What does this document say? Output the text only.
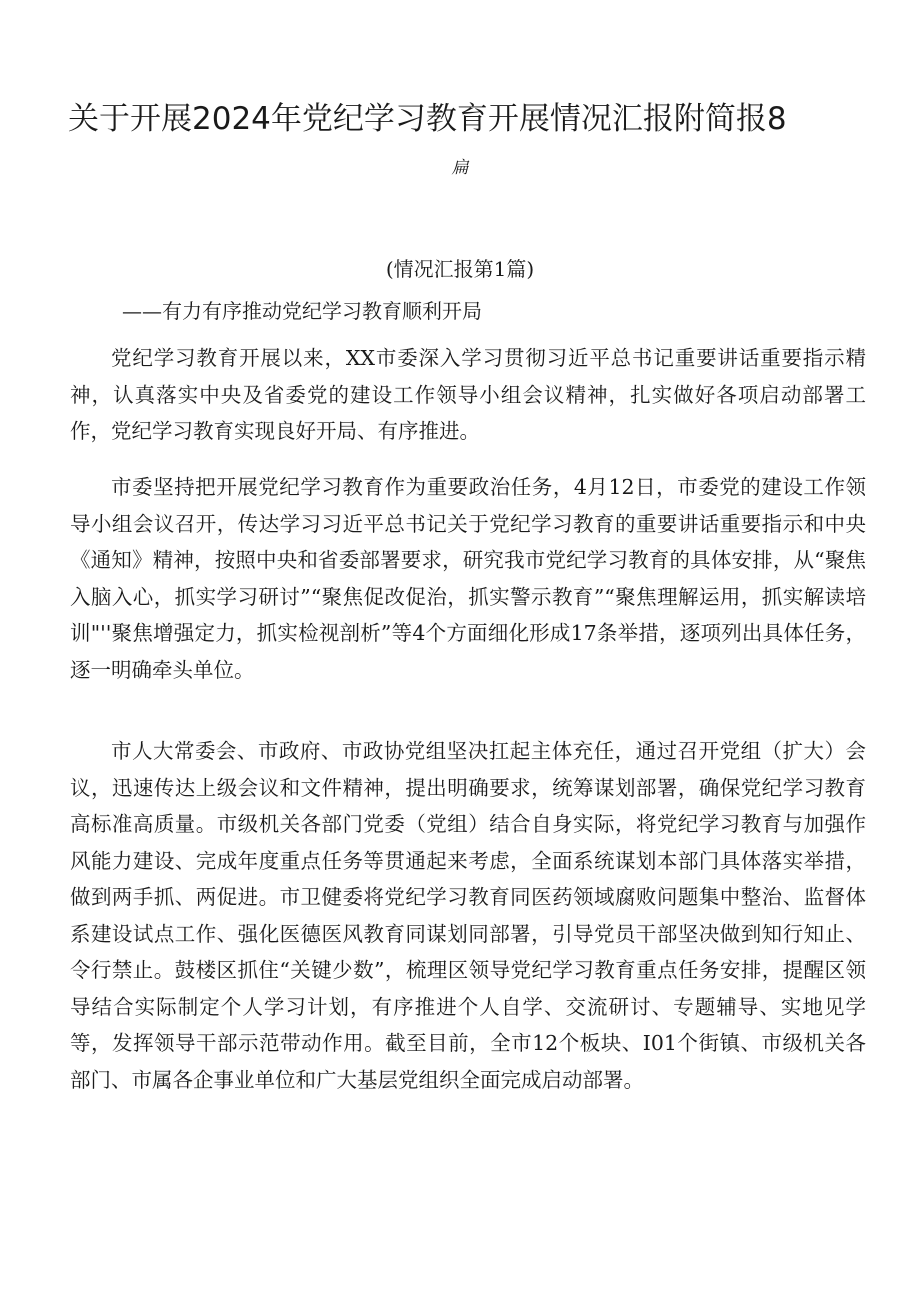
关于开展2024年党纪学习教育开展情况汇报附简报8

扁

(情况汇报第1篇)

——有力有序推动党纪学习教育顺利开局

党纪学习教育开展以来，XX市委深入学习贯彻习近平总书记重要讲话重要指示精神，认真落实中央及省委党的建设工作领导小组会议精神，扎实做好各项启动部署工作，党纪学习教育实现良好开局、有序推进。

市委坚持把开展党纪学习教育作为重要政治任务，4月12日，市委党的建设工作领导小组会议召开，传达学习习近平总书记关于党纪学习教育的重要讲话重要指示和中央《通知》精神，按照中央和省委部署要求，研究我市党纪学习教育的具体安排，从“聚焦入脑入心，抓实学习研讨”“聚焦促改促治，抓实警示教育”“聚焦理解运用，抓实解读培训"''聚焦增强定力，抓实检视剖析”等4个方面细化形成17条举措，逐项列出具体任务，逐一明确牵头单位。

市人大常委会、市政府、市政协党组坚决扛起主体充任，通过召开党组（扩大）会议，迅速传达上级会议和文件精神，提出明确要求，统筹谋划部署，确保党纪学习教育高标准高质量。市级机关各部门党委（党组）结合自身实际，将党纪学习教育与加强作风能力建设、完成年度重点任务等贯通起来考虑，全面系统谋划本部门具体落实举措，做到两手抓、两促进。市卫健委将党纪学习教育同医药领域腐败问题集中整治、监督体系建设试点工作、强化医德医风教育同谋划同部署，引导党员干部坚决做到知行知止、令行禁止。鼓楼区抓住“关键少数”，梳理区领导党纪学习教育重点任务安排，提醒区领导结合实际制定个人学习计划，有序推进个人自学、交流研讨、专题辅导、实地见学等，发挥领导干部示范带动作用。截至目前，全市12个板块、I01个街镇、市级机关各部门、市属各企事业单位和广大基层党组织全面完成启动部署。
